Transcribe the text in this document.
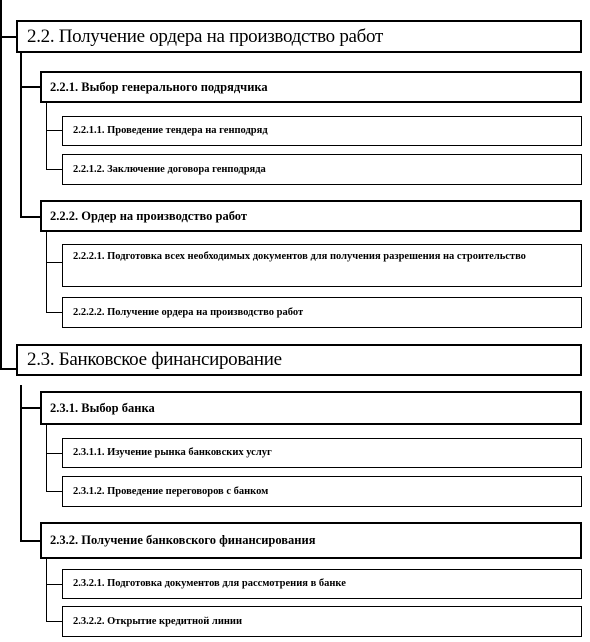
2.2. Получение ордера на производство работ
2.2.1. Выбор генерального подрядчика
2.2.1.1. Проведение тендера на генподряд
2.2.1.2. Заключение договора генподряда
2.2.2. Ордер на производство работ
2.2.2.1. Подготовка всех необходимых документов для получения разрешения на строительство
2.2.2.2. Получение ордера на производство работ
2.3. Банковское финансирование
2.3.1. Выбор банка
2.3.1.1. Изучение рынка банковских услуг
2.3.1.2. Проведение переговоров с банком
2.3.2. Получение банковского финансирования
2.3.2.1. Подготовка документов для рассмотрения в банке
2.3.2.2. Открытие кредитной линии
